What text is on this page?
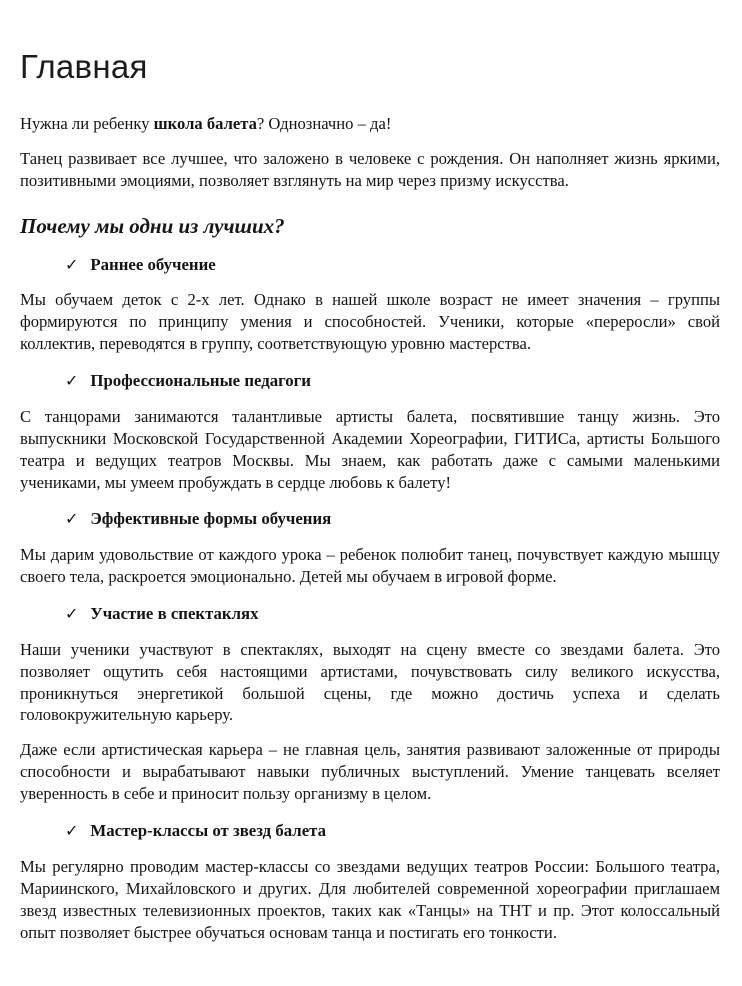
Главная

Нужна ли ребенку школа балета? Однозначно – да!

Танец развивает все лучшее, что заложено в человеке с рождения. Он наполняет жизнь яркими, позитивными эмоциями, позволяет взглянуть на мир через призму искусства.

Почему мы одни из лучших?
✓ Раннее обучение

Мы обучаем деток с 2-х лет. Однако в нашей школе возраст не имеет значения – группы формируются по принципу умения и способностей. Ученики, которые «переросли» свой коллектив, переводятся в группу, соответствующую уровню мастерства.

✓ Профессиональные педагоги

С танцорами занимаются талантливые артисты балета, посвятившие танцу жизнь. Это выпускники Московской Государственной Академии Хореографии, ГИТИСа, артисты Большого театра и ведущих театров Москвы. Мы знаем, как работать даже с самыми маленькими учениками, мы умеем пробуждать в сердце любовь к балету!

✓ Эффективные формы обучения

Мы дарим удовольствие от каждого урока – ребенок полюбит танец, почувствует каждую мышцу своего тела, раскроется эмоционально. Детей мы обучаем в игровой форме.

✓ Участие в спектаклях

Наши ученики участвуют в спектаклях, выходят на сцену вместе со звездами балета. Это позволяет ощутить себя настоящими артистами, почувствовать силу великого искусства, проникнуться энергетикой большой сцены, где можно достичь успеха и сделать головокружительную карьеру.

Даже если артистическая карьера – не главная цель, занятия развивают заложенные от природы способности и вырабатывают навыки публичных выступлений. Умение танцевать вселяет уверенность в себе и приносит пользу организму в целом.

✓ Мастер-классы от звезд балета

Мы регулярно проводим мастер-классы со звездами ведущих театров России: Большого театра, Мариинского, Михайловского и других. Для любителей современной хореографии приглашаем звезд известных телевизионных проектов, таких как «Танцы» на ТНТ и пр. Этот колоссальный опыт позволяет быстрее обучаться основам танца и постигать его тонкости.
